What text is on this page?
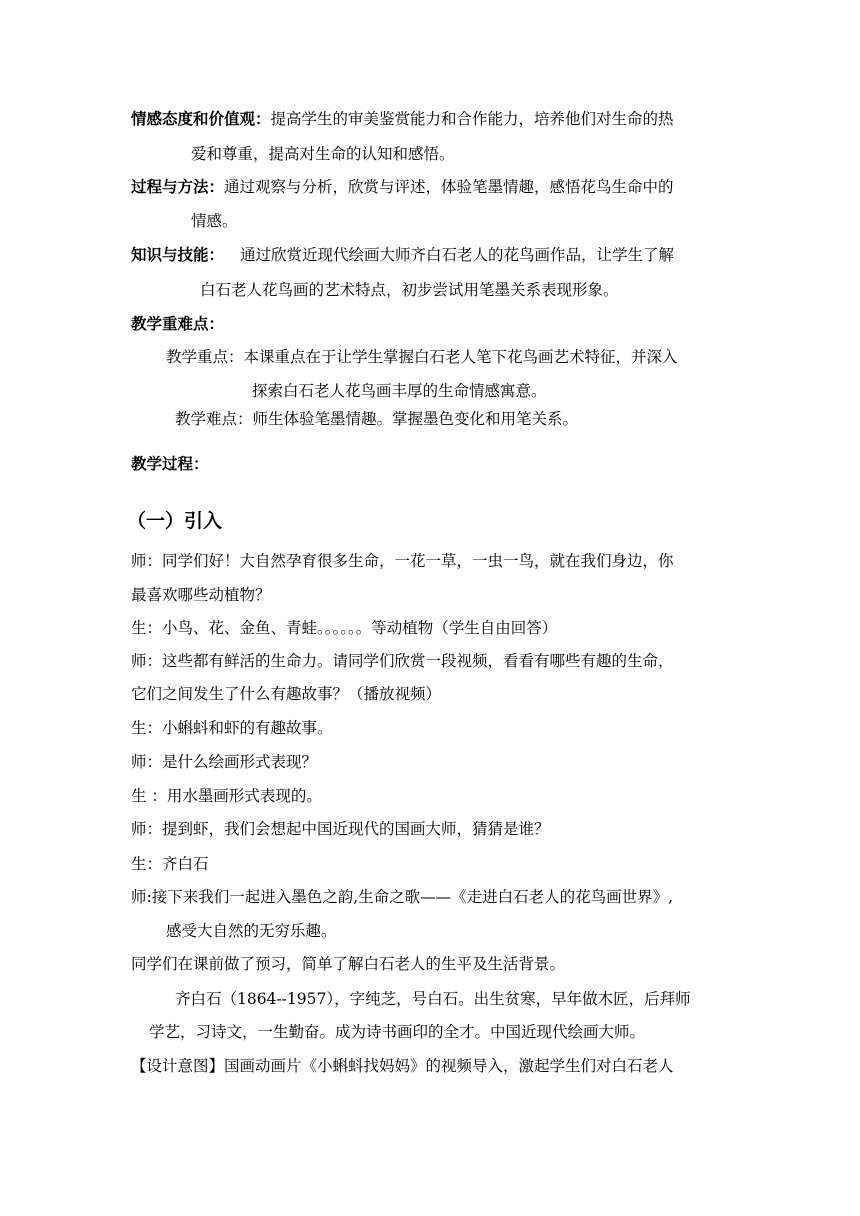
情感态度和价值观：提高学生的审美鉴赏能力和合作能力，培养他们对生命的热
爱和尊重，提高对生命的认知和感悟。
过程与方法：通过观察与分析，欣赏与评述，体验笔墨情趣，感悟花鸟生命中的
情感。
知识与技能： 通过欣赏近现代绘画大师齐白石老人的花鸟画作品，让学生了解
白石老人花鸟画的艺术特点，初步尝试用笔墨关系表现形象。
教学重难点：
教学重点：本课重点在于让学生掌握白石老人笔下花鸟画艺术特征，并深入
探索白石老人花鸟画丰厚的生命情感寓意。
教学难点：师生体验笔墨情趣。掌握墨色变化和用笔关系。
教学过程：
（一）引入
师：同学们好！大自然孕育很多生命，一花一草，一虫一鸟，就在我们身边，你
最喜欢哪些动植物？
生：小鸟、花、金鱼、青蛙。。。。。。等动植物（学生自由回答）
师：这些都有鲜活的生命力。请同学们欣赏一段视频，看看有哪些有趣的生命，
它们之间发生了什么有趣故事？（播放视频）
生：小蝌蚪和虾的有趣故事。
师：是什么绘画形式表现？
生 ：用水墨画形式表现的。
师：提到虾，我们会想起中国近现代的国画大师，猜猜是谁？
生：齐白石
师:接下来我们一起进入墨色之韵,生命之歌——《走进白石老人的花鸟画世界》,
感受大自然的无穷乐趣。
同学们在课前做了预习，简单了解白石老人的生平及生活背景。
齐白石（1864--1957），字纯芝，号白石。出生贫寒，早年做木匠，后拜师
学艺，习诗文，一生勤奋。成为诗书画印的全才。中国近现代绘画大师。
【设计意图】国画动画片《小蝌蚪找妈妈》的视频导入，激起学生们对白石老人
